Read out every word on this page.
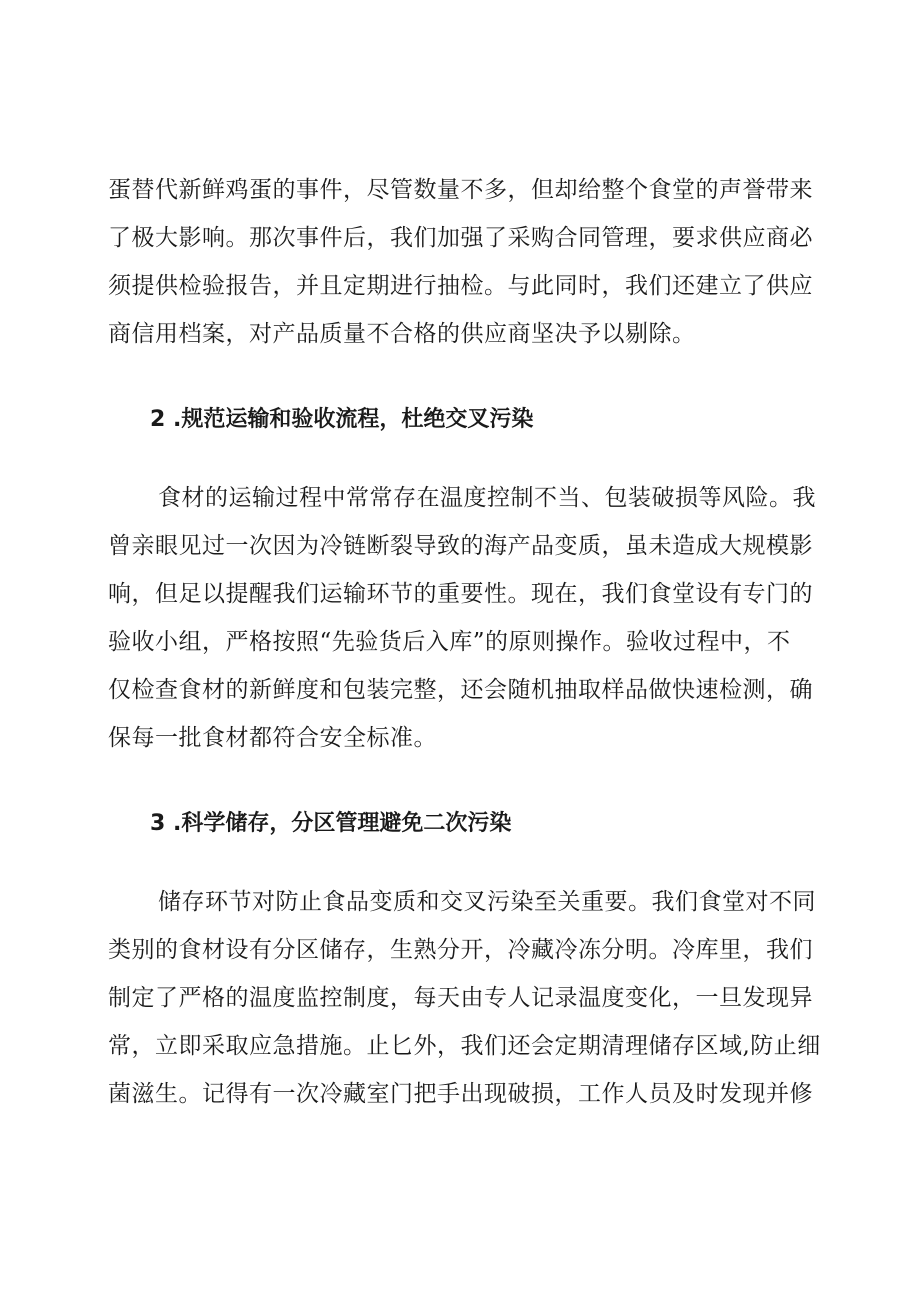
蛋替代新鲜鸡蛋的事件，尽管数量不多，但却给整个食堂的声誉带来
了极大影响。那次事件后，我们加强了采购合同管理，要求供应商必
须提供检验报告，并且定期进行抽检。与此同时，我们还建立了供应
商信用档案，对产品质量不合格的供应商坚决予以剔除。
2 .规范运输和验收流程，杜绝交叉污染
食材的运输过程中常常存在温度控制不当、包装破损等风险。我
曾亲眼见过一次因为冷链断裂导致的海产品变质，虽未造成大规模影
响，但足以提醒我们运输环节的重要性。现在，我们食堂设有专门的
验收小组，严格按照“先验货后入库”的原则操作。验收过程中，不
仅检查食材的新鲜度和包装完整，还会随机抽取样品做快速检测，确
保每一批食材都符合安全标准。
3 .科学储存，分区管理避免二次污染
储存环节对防止食品变质和交叉污染至关重要。我们食堂对不同
类别的食材设有分区储存，生熟分开，冷藏冷冻分明。冷库里，我们
制定了严格的温度监控制度，每天由专人记录温度变化，一旦发现异
常，立即采取应急措施。止匕外，我们还会定期清理储存区域,防止细
菌滋生。记得有一次冷藏室门把手出现破损，工作人员及时发现并修
